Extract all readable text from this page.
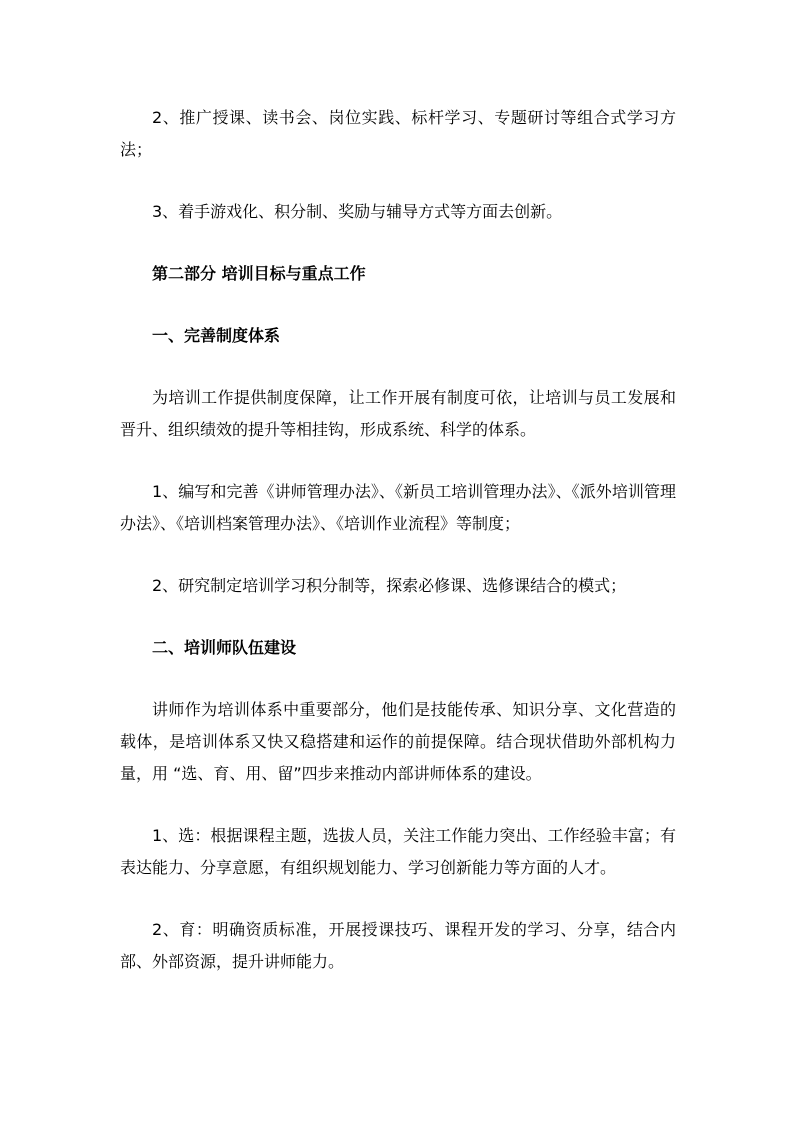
2、推广授课、读书会、岗位实践、标杆学习、专题研讨等组合式学习方法；

3、着手游戏化、积分制、奖励与辅导方式等方面去创新。

第二部分 培训目标与重点工作

一、完善制度体系

为培训工作提供制度保障，让工作开展有制度可依，让培训与员工发展和晋升、组织绩效的提升等相挂钩，形成系统、科学的体系。

1、编写和完善《讲师管理办法》、《新员工培训管理办法》、《派外培训管理办法》、《培训档案管理办法》、《培训作业流程》等制度；

2、研究制定培训学习积分制等，探索必修课、选修课结合的模式；

二、培训师队伍建设

讲师作为培训体系中重要部分，他们是技能传承、知识分享、文化营造的载体，是培训体系又快又稳搭建和运作的前提保障。结合现状借助外部机构力量，用 “选、育、用、留”四步来推动内部讲师体系的建设。

1、选：根据课程主题，选拔人员，关注工作能力突出、工作经验丰富；有表达能力、分享意愿，有组织规划能力、学习创新能力等方面的人才。

2、育：明确资质标准，开展授课技巧、课程开发的学习、分享，结合内部、外部资源，提升讲师能力。
